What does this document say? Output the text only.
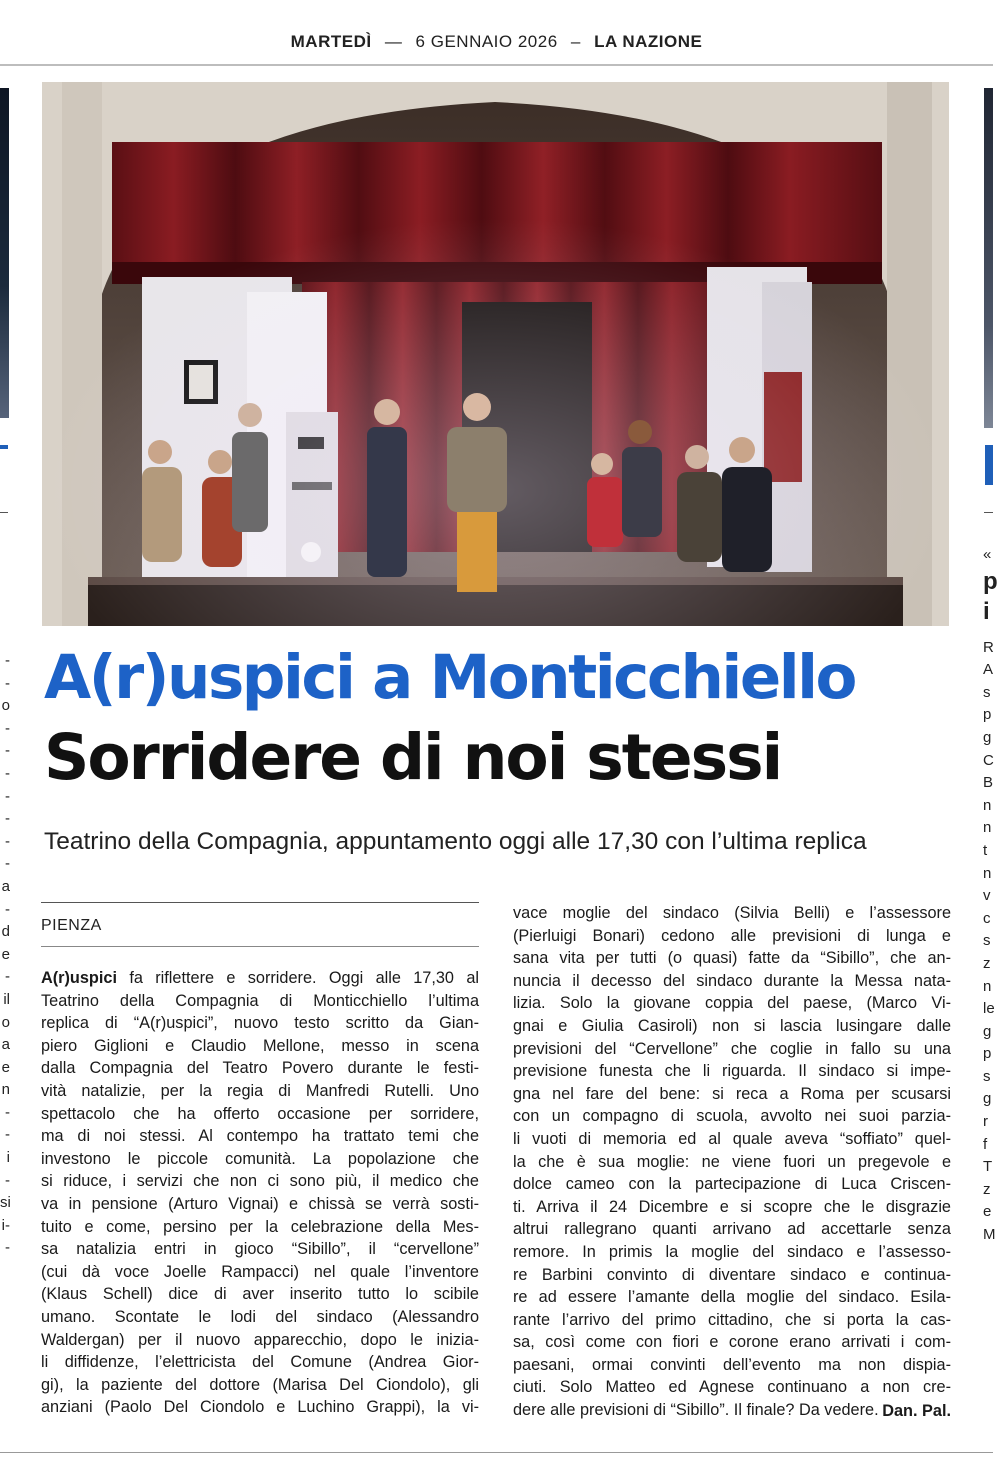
MARTEDÌ — 6 GENNAIO 2026 – LA NAZIONE
-
-
o
-
-
-
-
-
-
-
a
-
d
e
-
il
o
a
e
n
-
-
i
-
si
i-
-
«
p
i
R
A
s
p
g
C
B
n
n
t
n
v
c
s
z
n
le
g
p
s
g
r
f
T
z
e
M
A(r)uspici a Monticchiello
Sorridere di noi stessi
Teatrino della Compagnia, appuntamento oggi alle 17,30 con l’ultima replica
PIENZA
A(r)uspici fa riflettere e sorridere. Oggi alle 17,30 al
Teatrino della Compagnia di Monticchiello l’ultima
replica di “A(r)uspici”, nuovo testo scritto da Gian-
piero Giglioni e Claudio Mellone, messo in scena
dalla Compagnia del Teatro Povero durante le festi-
vità natalizie, per la regia di Manfredi Rutelli. Uno
spettacolo che ha offerto occasione per sorridere,
ma di noi stessi. Al contempo ha trattato temi che
investono le piccole comunità. La popolazione che
si riduce, i servizi che non ci sono più, il medico che
va in pensione (Arturo Vignai) e chissà se verrà sosti-
tuito e come, persino per la celebrazione della Mes-
sa natalizia entri in gioco “Sibillo”, il “cervellone”
(cui dà voce Joelle Rampacci) nel quale l’inventore
(Klaus Schell) dice di aver inserito tutto lo scibile
umano. Scontate le lodi del sindaco (Alessandro
Waldergan) per il nuovo apparecchio, dopo le inizia-
li diffidenze, l’elettricista del Comune (Andrea Gior-
gi), la paziente del dottore (Marisa Del Ciondolo), gli
anziani (Paolo Del Ciondolo e Luchino Grappi), la vi-
vace moglie del sindaco (Silvia Belli) e l’assessore
(Pierluigi Bonari) cedono alle previsioni di lunga e
sana vita per tutti (o quasi) fatte da “Sibillo”, che an-
nuncia il decesso del sindaco durante la Messa nata-
lizia. Solo la giovane coppia del paese, (Marco Vi-
gnai e Giulia Casiroli) non si lascia lusingare dalle
previsioni del “Cervellone” che coglie in fallo su una
previsione funesta che li riguarda. Il sindaco si impe-
gna nel fare del bene: si reca a Roma per scusarsi
con un compagno di scuola, avvolto nei suoi parzia-
li vuoti di memoria ed al quale aveva “soffiato” quel-
la che è sua moglie: ne viene fuori un pregevole e
dolce cameo con la partecipazione di Luca Criscen-
ti. Arriva il 24 Dicembre e si scopre che le disgrazie
altrui rallegrano quanti arrivano ad accettarle senza
remore. In primis la moglie del sindaco e l’assesso-
re Barbini convinto di diventare sindaco e continua-
re ad essere l’amante della moglie del sindaco. Esila-
rante l’arrivo del primo cittadino, che si porta la cas-
sa, così come con fiori e corone erano arrivati i com-
paesani, ormai convinti dell’evento ma non dispia-
ciuti. Solo Matteo ed Agnese continuano a non cre-
dere alle previsioni di “Sibillo”. Il finale? Da vedere. Dan. Pal.
